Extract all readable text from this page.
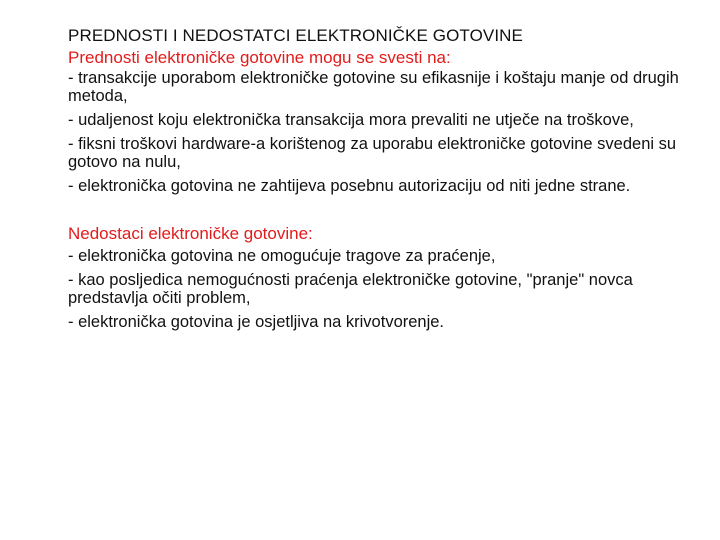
PREDNOSTI I NEDOSTATCI ELEKTRONIČKE GOTOVINE
Prednosti elektroničke gotovine mogu se svesti na:
- transakcije uporabom elektroničke gotovine su efikasnije i koštaju manje od drugih metoda,
- udaljenost koju elektronička transakcija mora prevaliti ne utječe na troškove,
- fiksni troškovi hardware-a korištenog za uporabu elektroničke gotovine svedeni su gotovo na nulu,
- elektronička gotovina ne zahtijeva posebnu autorizaciju od niti jedne strane.
Nedostaci elektroničke gotovine:
- elektronička gotovina ne omogućuje tragove za praćenje,
- kao posljedica nemogućnosti praćenja elektroničke gotovine, "pranje" novca predstavlja očiti problem,
- elektronička gotovina je osjetljiva na krivotvorenje.
